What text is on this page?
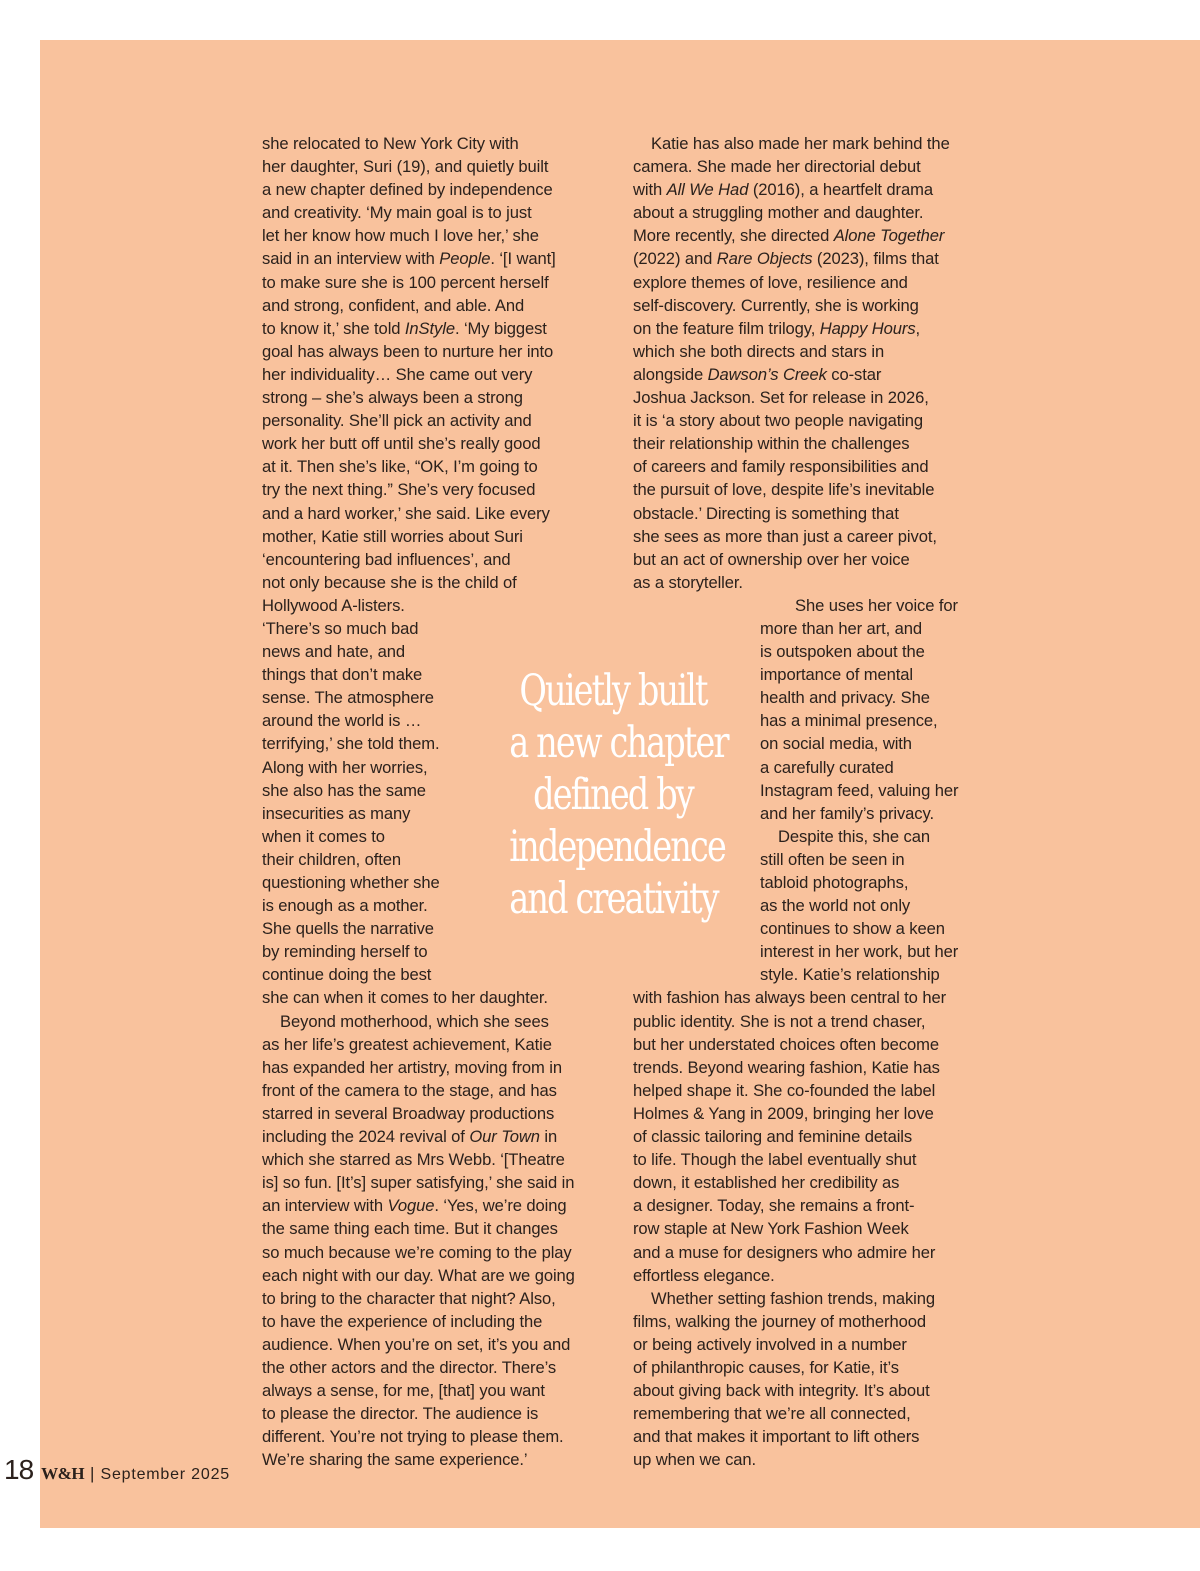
she relocated to New York City with
her daughter, Suri (19), and quietly built
a new chapter defined by independence
and creativity. ‘My main goal is to just
let her know how much I love her,’ she
said in an interview with People. ‘[I want]
to make sure she is 100 percent herself
and strong, confident, and able. And
to know it,’ she told InStyle. ‘My biggest
goal has always been to nurture her into
her individuality… She came out very
strong – she’s always been a strong
personality. She’ll pick an activity and
work her butt off until she’s really good
at it. Then she’s like, “OK, I’m going to
try the next thing.” She’s very focused
and a hard worker,’ she said. Like every
mother, Katie still worries about Suri
‘encountering bad influences’, and
not only because she is the child of
Hollywood A-listers.
‘There’s so much bad
news and hate, and
things that don’t make
sense. The atmosphere
around the world is …
terrifying,’ she told them.
Along with her worries,
she also has the same
insecurities as many
when it comes to
their children, often
questioning whether she
is enough as a mother.
She quells the narrative
by reminding herself to
continue doing the best
she can when it comes to her daughter.
Beyond motherhood, which she sees
as her life’s greatest achievement, Katie
has expanded her artistry, moving from in
front of the camera to the stage, and has
starred in several Broadway productions
including the 2024 revival of Our Town in
which she starred as Mrs Webb. ‘[Theatre
is] so fun. [It’s] super satisfying,’ she said in
an interview with Vogue. ‘Yes, we’re doing
the same thing each time. But it changes
so much because we’re coming to the play
each night with our day. What are we going
to bring to the character that night? Also,
to have the experience of including the
audience. When you’re on set, it’s you and
the other actors and the director. There’s
always a sense, for me, [that] you want
to please the director. The audience is
different. You’re not trying to please them.
We’re sharing the same experience.’
Katie has also made her mark behind the
camera. She made her directorial debut
with All We Had (2016), a heartfelt drama
about a struggling mother and daughter.
More recently, she directed Alone Together
(2022) and Rare Objects (2023), films that
explore themes of love, resilience and
self-discovery. Currently, she is working
on the feature film trilogy, Happy Hours,
which she both directs and stars in
alongside Dawson’s Creek co-star
Joshua Jackson. Set for release in 2026,
it is ‘a story about two people navigating
their relationship within the challenges
of careers and family responsibilities and
the pursuit of love, despite life’s inevitable
obstacle.’ Directing is something that
she sees as more than just a career pivot,
but an act of ownership over her voice
as a storyteller.
She uses her voice for
more than her art, and
is outspoken about the
importance of mental
health and privacy. She
has a minimal presence,
on social media, with
a carefully curated
Instagram feed, valuing her
and her family’s privacy.
Despite this, she can
still often be seen in
tabloid photographs,
as the world not only
continues to show a keen
interest in her work, but her
style. Katie’s relationship
with fashion has always been central to her
public identity. She is not a trend chaser,
but her understated choices often become
trends. Beyond wearing fashion, Katie has
helped shape it. She co-founded the label
Holmes & Yang in 2009, bringing her love
of classic tailoring and feminine details
to life. Though the label eventually shut
down, it established her credibility as
a designer. Today, she remains a front-
row staple at New York Fashion Week
and a muse for designers who admire her
effortless elegance.
Whether setting fashion trends, making
films, walking the journey of motherhood
or being actively involved in a number
of philanthropic causes, for Katie, it’s
about giving back with integrity. It’s about
remembering that we’re all connected,
and that makes it important to lift others
up when we can.
Quietly built
a new chapter
defined by
independence
and creativity
18 W&H | September 2025
